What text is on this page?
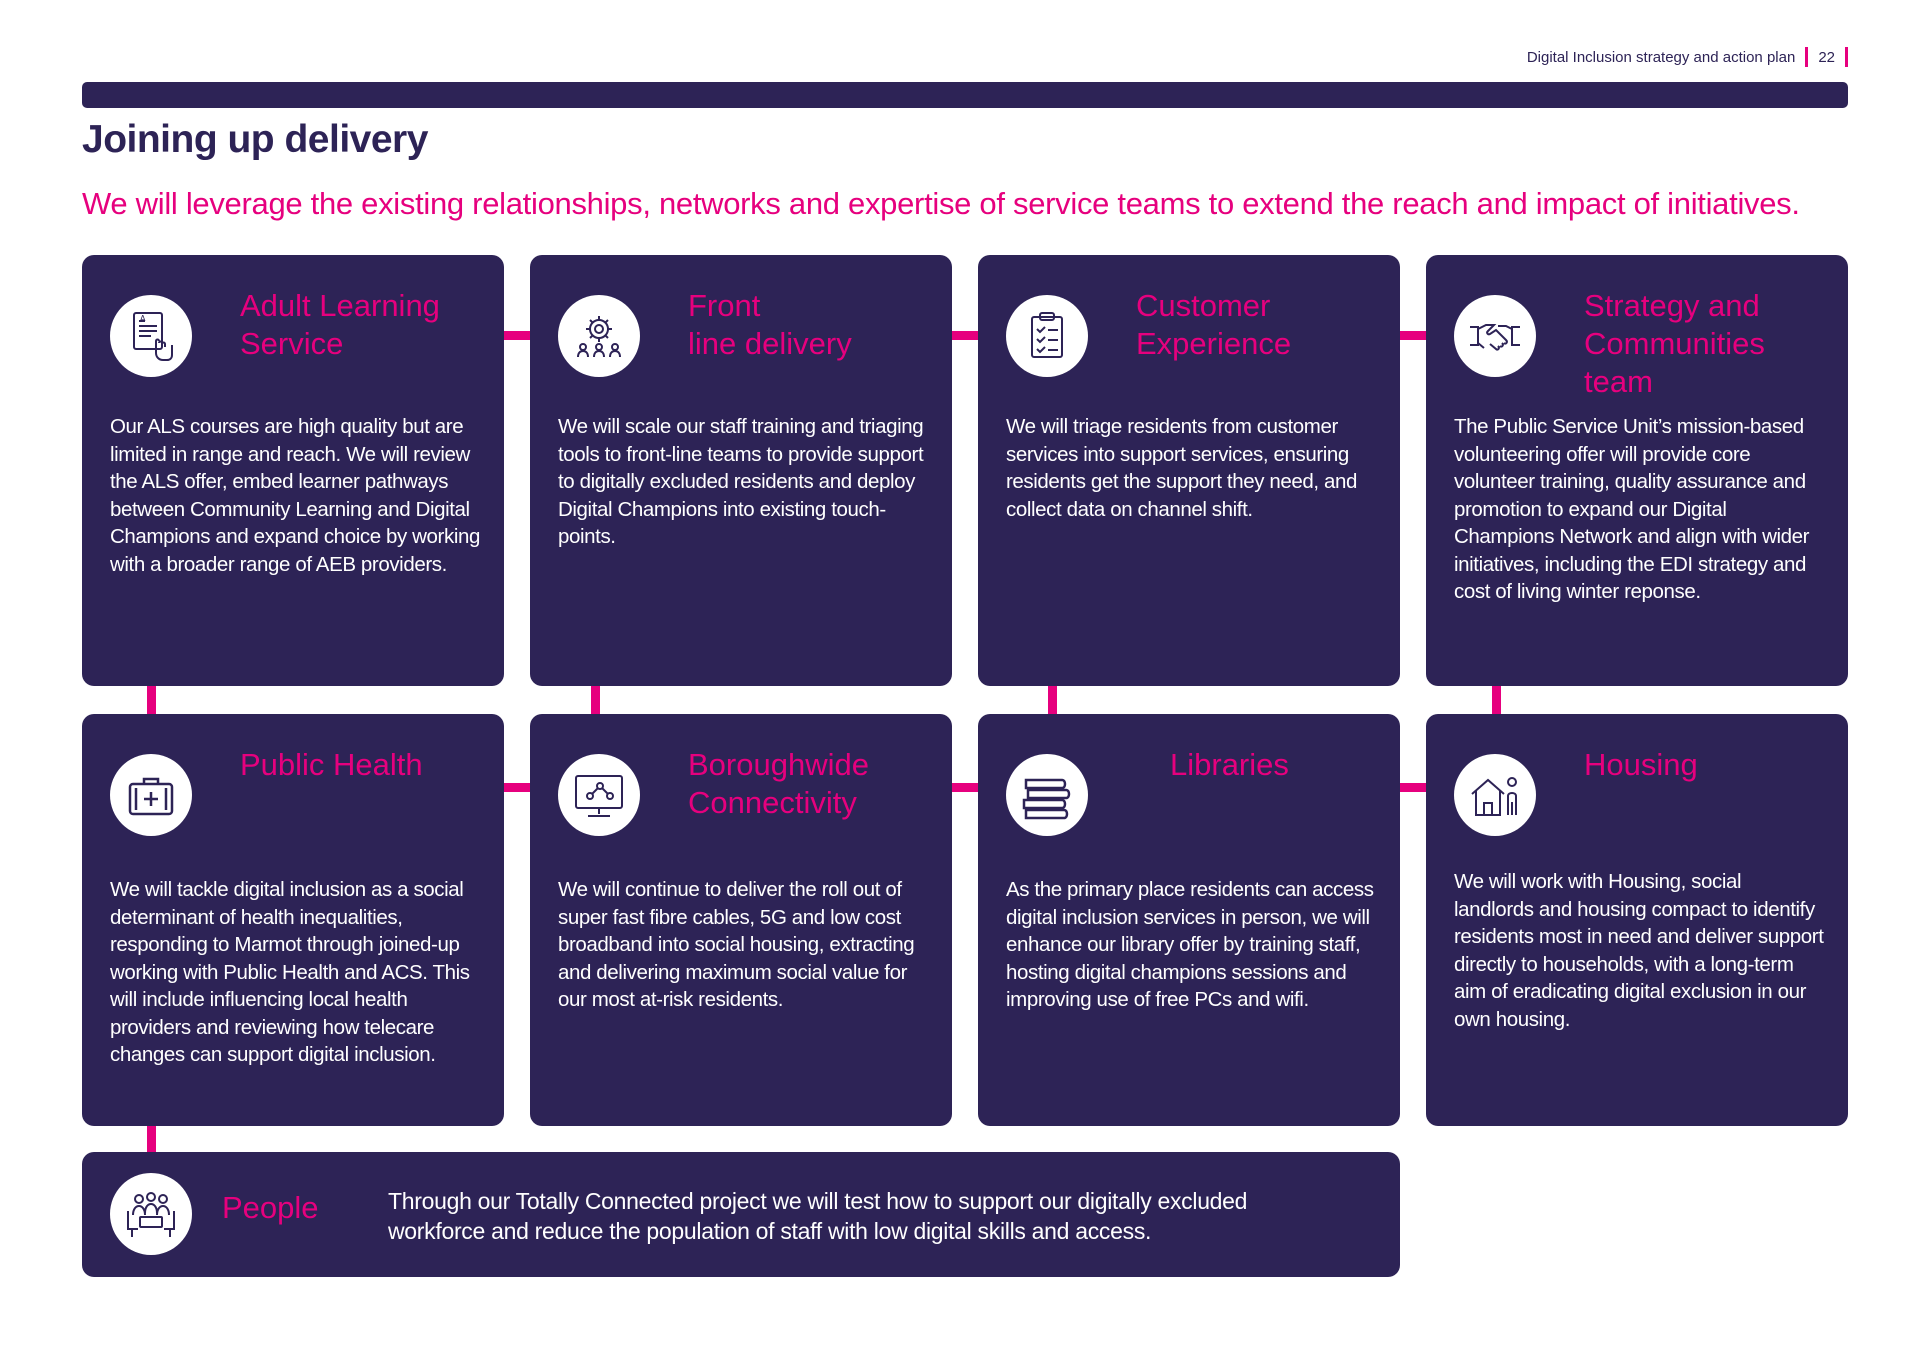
Digital Inclusion strategy and action plan 22
Joining up delivery
We will leverage the existing relationships, networks and expertise of service teams to extend the reach and impact of initiatives.
A	Adult Learning
Service
Our ALS courses are high quality but are limited in range and reach. We will review the ALS offer, embed learner pathways between Community Learning and Digital Champions and expand choice by working with a broader range of AEB providers.
Front
line delivery
We will scale our staff training and triaging tools to front-line teams to provide support to digitally excluded residents and deploy Digital Champions into existing touch-points.
Customer
Experience
We will triage residents from customer services into support services, ensuring residents get the support they need, and collect data on channel shift.
Strategy and
Communities
team
The Public Service Unit’s mission-based volunteering offer will provide core volunteer training, quality assurance and promotion to expand our Digital Champions Network and align with wider initiatives, including the EDI strategy and cost of living winter reponse.
Public Health
We will tackle digital inclusion as a social determinant of health inequalities, responding to Marmot through joined-up working with Public Health and ACS. This will include influencing local health providers and reviewing how telecare changes can support digital inclusion.
Boroughwide
Connectivity
We will continue to deliver the roll out of super fast fibre cables, 5G and low cost broadband into social housing, extracting and delivering maximum social value for our most at-risk residents.
Libraries
As the primary place residents can access digital inclusion services in person, we will enhance our library offer by training staff, hosting digital champions sessions and improving use of free PCs and wifi.
Housing
We will work with Housing, social landlords and housing compact to identify residents most in need and deliver support directly to households, with a long-term aim of eradicating digital exclusion in our own housing.
People	Through our Totally Connected project we will test how to support our digitally excluded workforce and reduce the population of staff with low digital skills and access.
